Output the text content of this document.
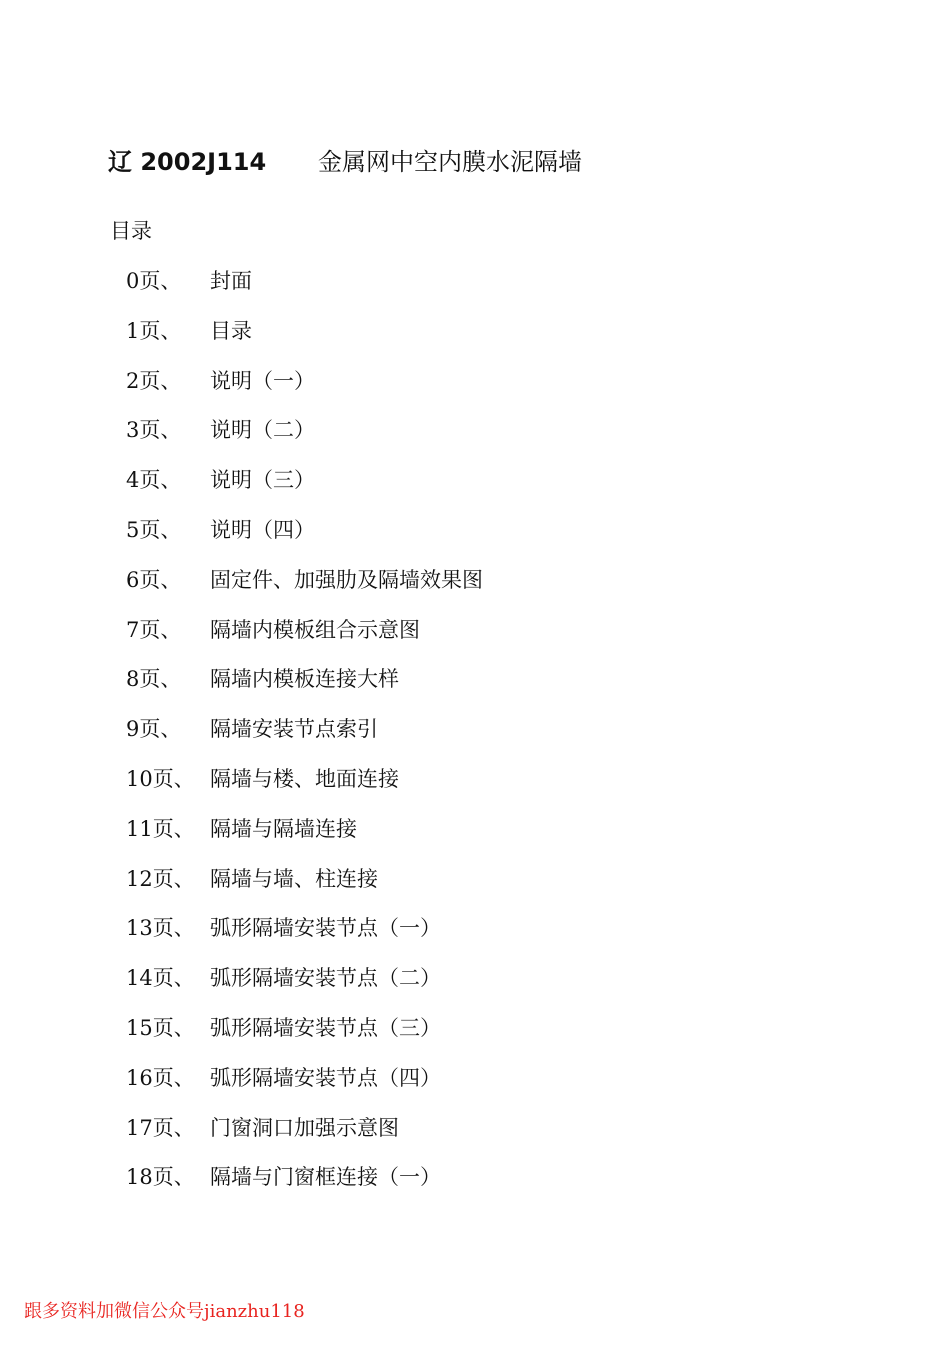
辽 2002J114 金属网中空内膜水泥隔墙
目录
0页、 封面
1页、 目录
2页、 说明（一）
3页、 说明（二）
4页、 说明（三）
5页、 说明（四）
6页、 固定件、加强肋及隔墙效果图
7页、 隔墙内模板组合示意图
8页、 隔墙内模板连接大样
9页、 隔墙安装节点索引
10页、 隔墙与楼、地面连接
11页、 隔墙与隔墙连接
12页、 隔墙与墙、柱连接
13页、 弧形隔墙安装节点（一）
14页、 弧形隔墙安装节点（二）
15页、 弧形隔墙安装节点（三）
16页、 弧形隔墙安装节点（四）
17页、 门窗洞口加强示意图
18页、 隔墙与门窗框连接（一）
跟多资料加微信公众号jianzhu118
